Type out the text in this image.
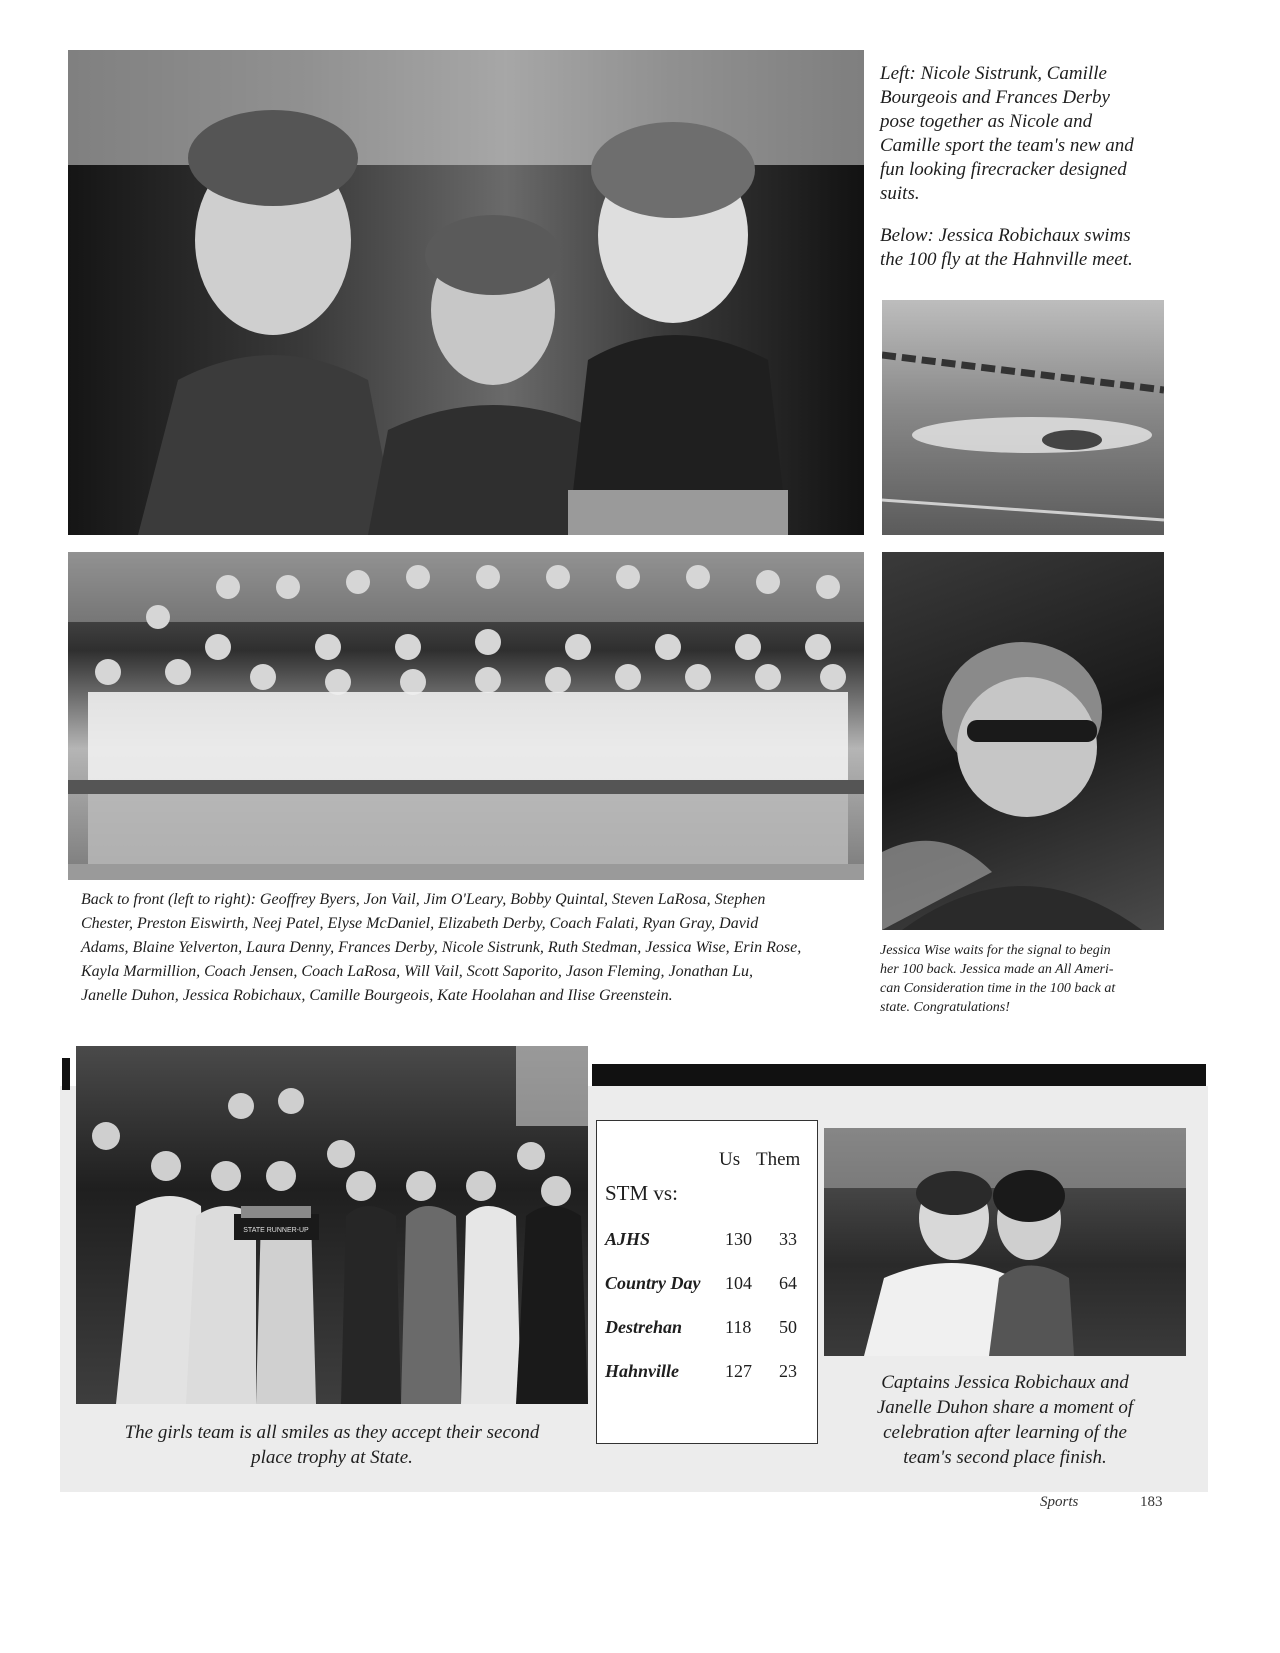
Left: Nicole Sistrunk, Camille
Bourgeois and Frances Derby
pose together as Nicole and
Camille sport the team's new and
fun looking firecracker designed
suits.
Below: Jessica Robichaux swims
the 100 fly at the Hahnville meet.
Back to front (left to right): Geoffrey Byers, Jon Vail, Jim O'Leary, Bobby Quintal, Steven LaRosa, Stephen
Chester, Preston Eiswirth, Neej Patel, Elyse McDaniel, Elizabeth Derby, Coach Falati, Ryan Gray, David
Adams, Blaine Yelverton, Laura Denny, Frances Derby, Nicole Sistrunk, Ruth Stedman, Jessica Wise, Erin Rose,
Kayla Marmillion, Coach Jensen, Coach LaRosa, Will Vail, Scott Saporito, Jason Fleming, Jonathan Lu,
Janelle Duhon, Jessica Robichaux, Camille Bourgeois, Kate Hoolahan and Ilise Greenstein.
Jessica Wise waits for the signal to begin
her 100 back. Jessica made an All Ameri-
can Consideration time in the 100 back at
state. Congratulations!
STATE RUNNER-UP
The girls team is all smiles as they accept their second
place trophy at State.
Us Them
STM vs:
AJHS	130 33
Country Day 104 64
Destrehan 118 50
Hahnville	127 23
Captains Jessica Robichaux and
Janelle Duhon share a moment of
celebration after learning of the
team's second place finish.
Sports	183
